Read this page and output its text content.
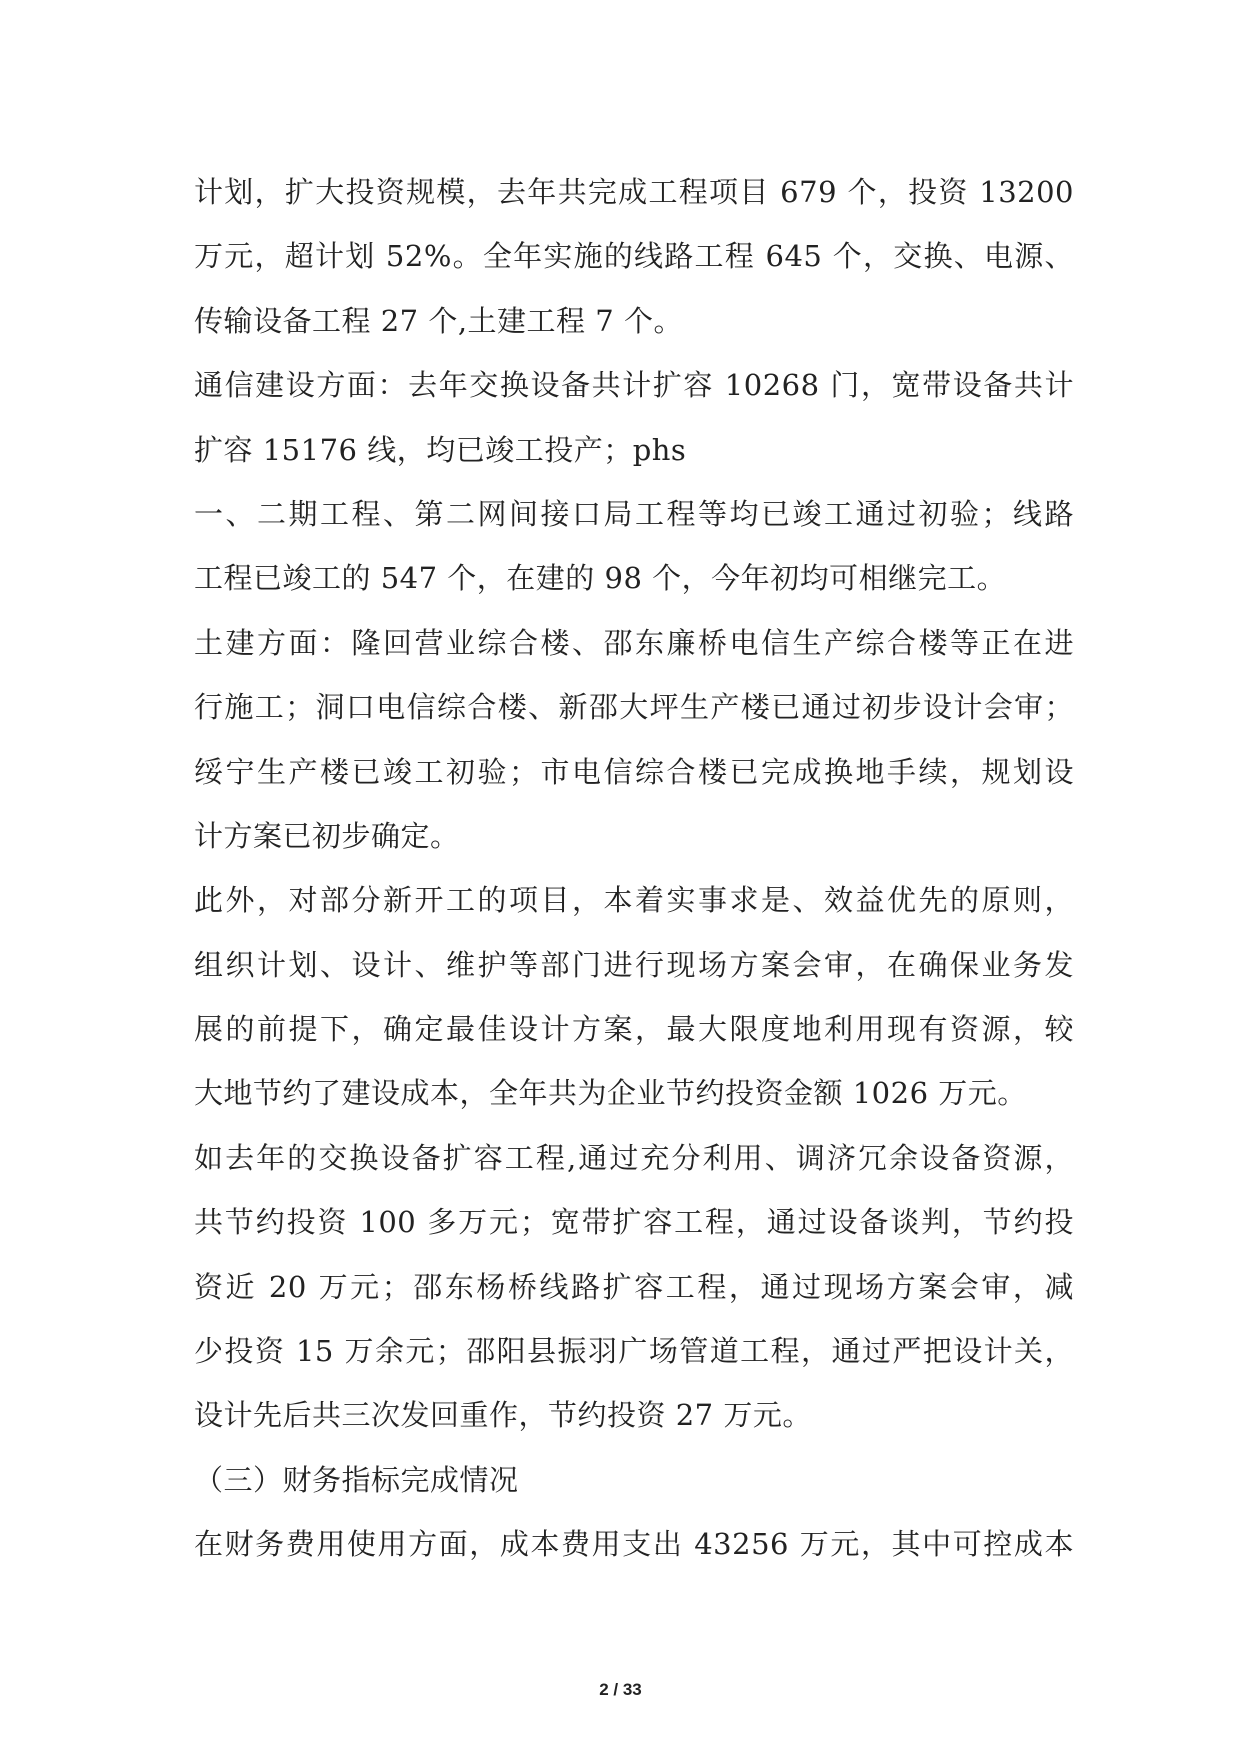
计划，扩大投资规模，去年共完成工程项目 679 个，投资 13200
万元，超计划 52%。全年实施的线路工程 645 个，交换、电源、
传输设备工程 27 个,土建工程 7 个。
通信建设方面：去年交换设备共计扩容 10268 门，宽带设备共计
扩容 15176 线，均已竣工投产；phs
一、二期工程、第二网间接口局工程等均已竣工通过初验；线路
工程已竣工的 547 个，在建的 98 个，今年初均可相继完工。
土建方面：隆回营业综合楼、邵东廉桥电信生产综合楼等正在进
行施工；洞口电信综合楼、新邵大坪生产楼已通过初步设计会审；
绥宁生产楼已竣工初验；市电信综合楼已完成换地手续，规划设
计方案已初步确定。
此外，对部分新开工的项目，本着实事求是、效益优先的原则，
组织计划、设计、维护等部门进行现场方案会审，在确保业务发
展的前提下，确定最佳设计方案，最大限度地利用现有资源，较
大地节约了建设成本，全年共为企业节约投资金额 1026 万元。
如去年的交换设备扩容工程,通过充分利用、调济冗余设备资源，
共节约投资 100 多万元；宽带扩容工程，通过设备谈判，节约投
资近 20 万元；邵东杨桥线路扩容工程，通过现场方案会审，减
少投资 15 万余元；邵阳县振羽广场管道工程，通过严把设计关，
设计先后共三次发回重作，节约投资 27 万元。
（三）财务指标完成情况
在财务费用使用方面，成本费用支出 43256 万元，其中可控成本
2 / 33
